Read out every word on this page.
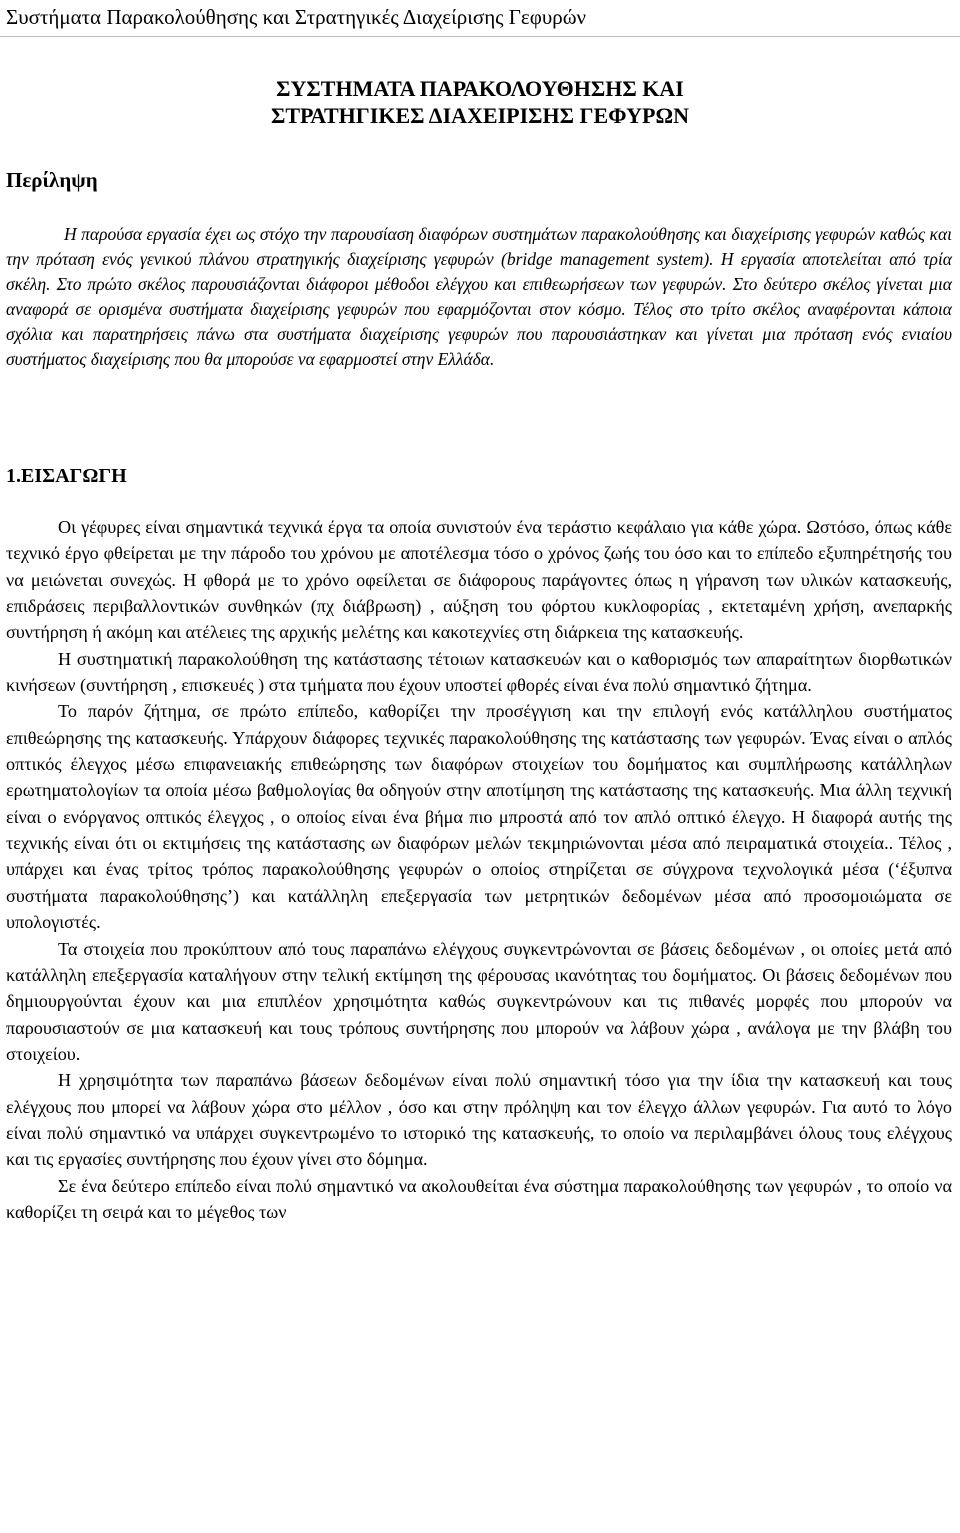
Συστήματα Παρακολούθησης και Στρατηγικές Διαχείρισης Γεφυρών
ΣΥΣΤΗΜΑΤΑ ΠΑΡΑΚΟΛΟΥΘΗΣΗΣ ΚΑΙ
ΣΤΡΑΤΗΓΙΚΕΣ ΔΙΑΧΕΙΡΙΣΗΣ ΓΕΦΥΡΩΝ
Περίληψη

Η παρούσα εργασία έχει ως στόχο την παρουσίαση διαφόρων συστημάτων παρακολούθησης και διαχείρισης γεφυρών καθώς και την πρόταση ενός γενικού πλάνου στρατηγικής διαχείρισης γεφυρών (bridge management system). Η εργασία αποτελείται από τρία σκέλη. Στο πρώτο σκέλος παρουσιάζονται διάφοροι μέθοδοι ελέγχου και επιθεωρήσεων των γεφυρών. Στο δεύτερο σκέλος γίνεται μια αναφορά σε ορισμένα συστήματα διαχείρισης γεφυρών που εφαρμόζονται στον κόσμο. Τέλος στο τρίτο σκέλος αναφέρονται κάποια σχόλια και παρατηρήσεις πάνω στα συστήματα διαχείρισης γεφυρών που παρουσιάστηκαν και γίνεται μια πρόταση ενός ενιαίου συστήματος διαχείρισης που θα μπορούσε να εφαρμοστεί στην Ελλάδα.

1.ΕΙΣΑΓΩΓΗ

Οι γέφυρες είναι σημαντικά τεχνικά έργα τα οποία συνιστούν ένα τεράστιο κεφάλαιο για κάθε χώρα. Ωστόσο, όπως κάθε τεχνικό έργο φθείρεται με την πάροδο του χρόνου με αποτέλεσμα τόσο ο χρόνος ζωής του όσο και το επίπεδο εξυπηρέτησής του να μειώνεται συνεχώς. Η φθορά με το χρόνο οφείλεται σε διάφορους παράγοντες όπως η γήρανση των υλικών κατασκευής, επιδράσεις περιβαλλοντικών συνθηκών (πχ διάβρωση) , αύξηση του φόρτου κυκλοφορίας , εκτεταμένη χρήση, ανεπαρκής συντήρηση ή ακόμη και ατέλειες της αρχικής μελέτης και κακοτεχνίες στη διάρκεια της κατασκευής.

Η συστηματική παρακολούθηση της κατάστασης τέτοιων κατασκευών και ο καθορισμός των απαραίτητων διορθωτικών κινήσεων (συντήρηση , επισκευές ) στα τμήματα που έχουν υποστεί φθορές είναι ένα πολύ σημαντικό ζήτημα.

Το παρόν ζήτημα, σε πρώτο επίπεδο, καθορίζει την προσέγγιση και την επιλογή ενός κατάλληλου συστήματος επιθεώρησης της κατασκευής. Υπάρχουν διάφορες τεχνικές παρακολούθησης της κατάστασης των γεφυρών. Ένας είναι ο απλός οπτικός έλεγχος μέσω επιφανειακής επιθεώρησης των διαφόρων στοιχείων του δομήματος και συμπλήρωσης κατάλληλων ερωτηματολογίων τα οποία μέσω βαθμολογίας θα οδηγούν στην αποτίμηση της κατάστασης της κατασκευής. Μια άλλη τεχνική είναι ο ενόργανος οπτικός έλεγχος , ο οποίος είναι ένα βήμα πιο μπροστά από τον απλό οπτικό έλεγχο. Η διαφορά αυτής της τεχνικής είναι ότι οι εκτιμήσεις της κατάστασης ων διαφόρων μελών τεκμηριώνονται μέσα από πειραματικά στοιχεία.. Τέλος , υπάρχει και ένας τρίτος τρόπος παρακολούθησης γεφυρών ο οποίος στηρίζεται σε σύγχρονα τεχνολογικά μέσα (‘έξυπνα συστήματα παρακολούθησης’) και κατάλληλη επεξεργασία των μετρητικών δεδομένων μέσα από προσομοιώματα σε υπολογιστές.

Τα στοιχεία που προκύπτουν από τους παραπάνω ελέγχους συγκεντρώνονται σε βάσεις δεδομένων , οι οποίες μετά από κατάλληλη επεξεργασία καταλήγουν στην τελική εκτίμηση της φέρουσας ικανότητας του δομήματος. Οι βάσεις δεδομένων που δημιουργούνται έχουν και μια επιπλέον χρησιμότητα καθώς συγκεντρώνουν και τις πιθανές μορφές που μπορούν να παρουσιαστούν σε μια κατασκευή και τους τρόπους συντήρησης που μπορούν να λάβουν χώρα , ανάλογα με την βλάβη του στοιχείου.

Η χρησιμότητα των παραπάνω βάσεων δεδομένων είναι πολύ σημαντική τόσο για την ίδια την κατασκευή και τους ελέγχους που μπορεί να λάβουν χώρα στο μέλλον , όσο και στην πρόληψη και τον έλεγχο άλλων γεφυρών. Για αυτό το λόγο είναι πολύ σημαντικό να υπάρχει συγκεντρωμένο το ιστορικό της κατασκευής, το οποίο να περιλαμβάνει όλους τους ελέγχους και τις εργασίες συντήρησης που έχουν γίνει στο δόμημα.

Σε ένα δεύτερο επίπεδο είναι πολύ σημαντικό να ακολουθείται ένα σύστημα παρακολούθησης των γεφυρών , το οποίο να καθορίζει τη σειρά και το μέγεθος των
